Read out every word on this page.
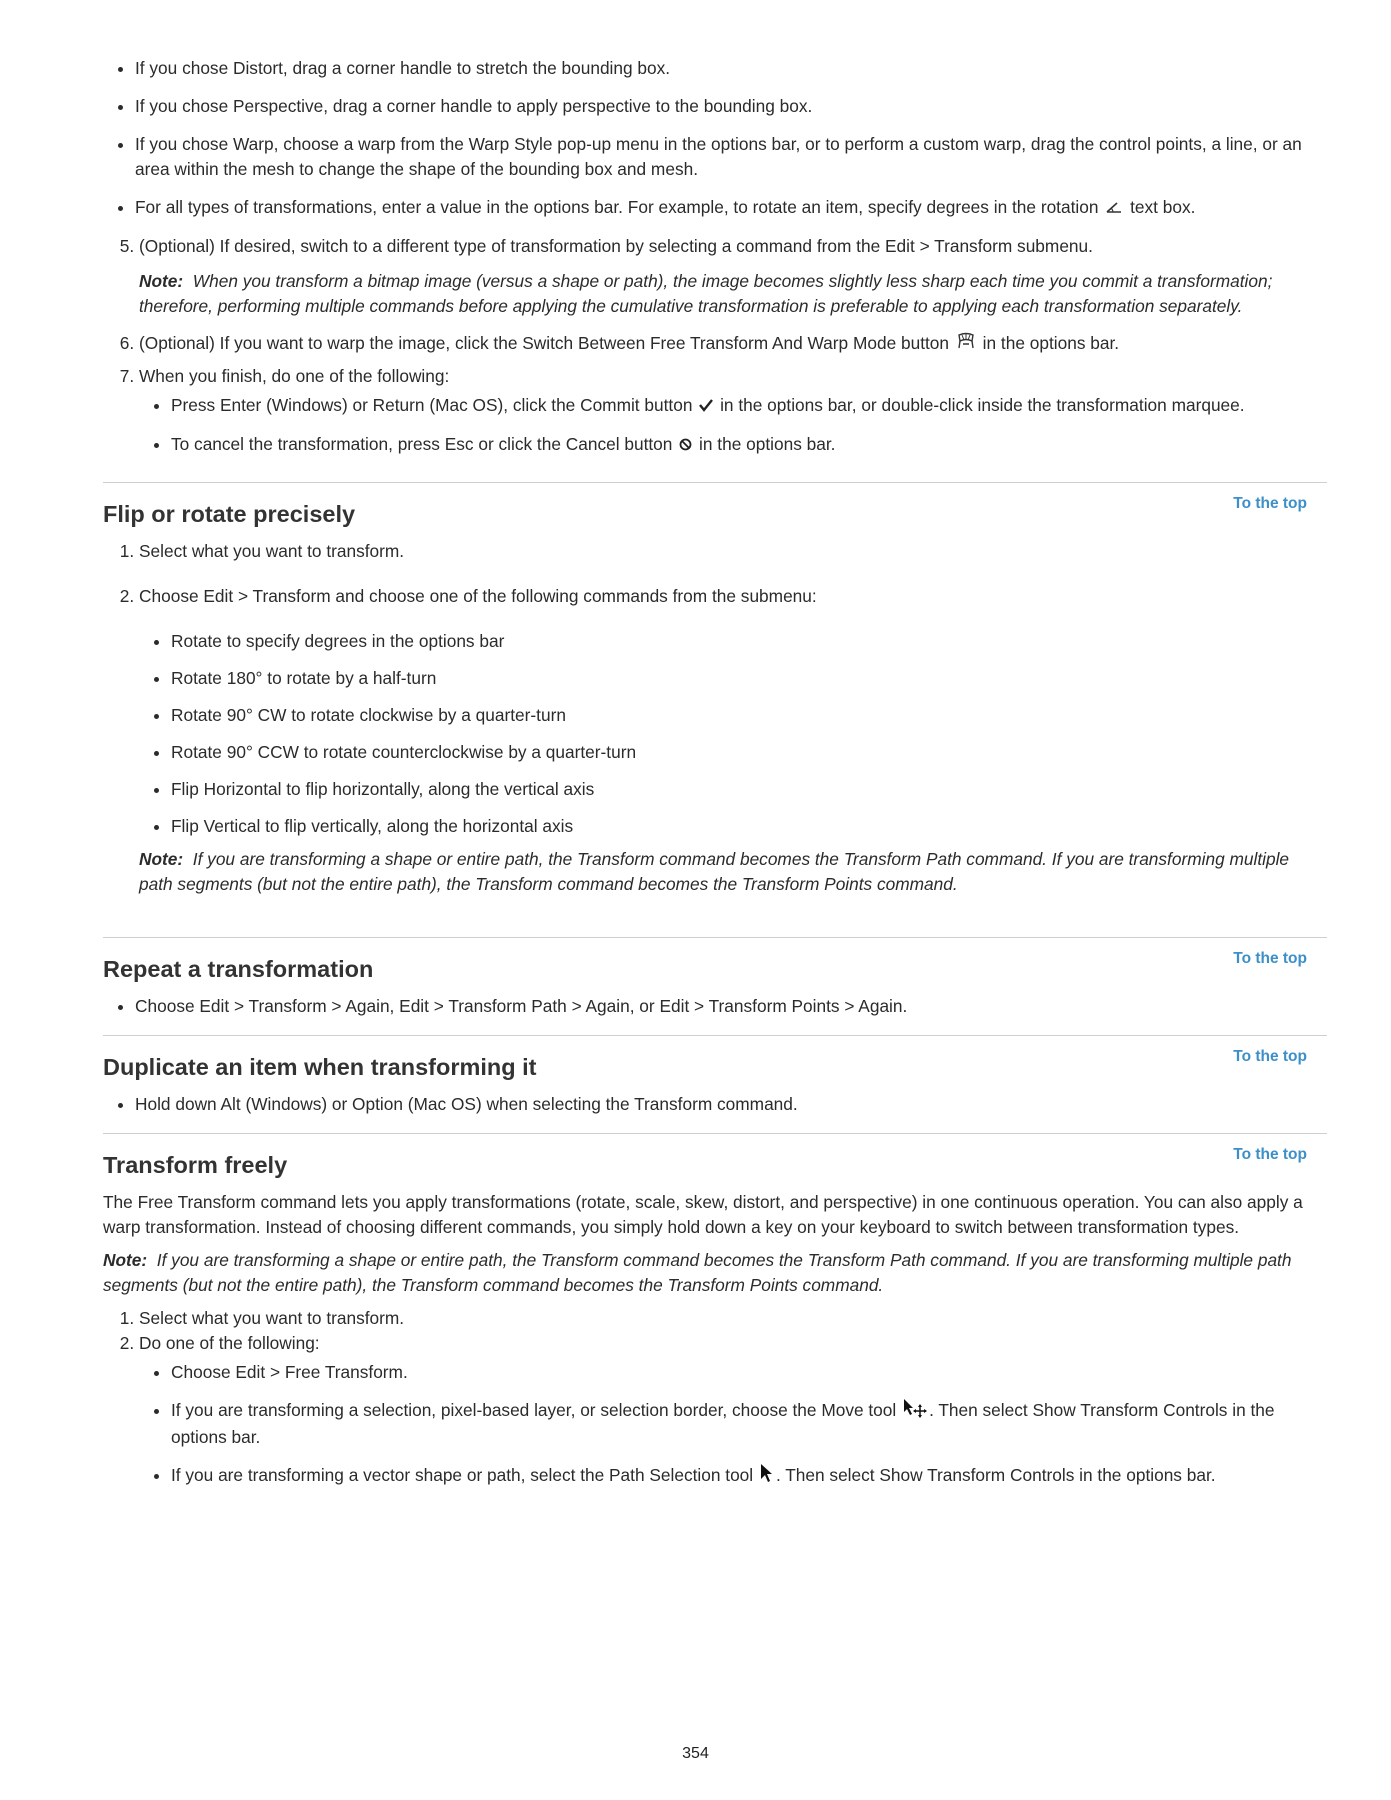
• If you chose Distort, drag a corner handle to stretch the bounding box.
• If you chose Perspective, drag a corner handle to apply perspective to the bounding box.
• If you chose Warp, choose a warp from the Warp Style pop-up menu in the options bar, or to perform a custom warp, drag the control points, a line, or an area within the mesh to change the shape of the bounding box and mesh.
• For all types of transformations, enter a value in the options bar. For example, to rotate an item, specify degrees in the rotation text box.
5. (Optional) If desired, switch to a different type of transformation by selecting a command from the Edit > Transform submenu.
Note: When you transform a bitmap image (versus a shape or path), the image becomes slightly less sharp each time you commit a transformation; therefore, performing multiple commands before applying the cumulative transformation is preferable to applying each transformation separately.
6. (Optional) If you want to warp the image, click the Switch Between Free Transform And Warp Mode button in the options bar.
7. When you finish, do one of the following:
• Press Enter (Windows) or Return (Mac OS), click the Commit button in the options bar, or double-click inside the transformation marquee.
• To cancel the transformation, press Esc or click the Cancel button in the options bar.
To the top
Flip or rotate precisely
1. Select what you want to transform.
2. Choose Edit > Transform and choose one of the following commands from the submenu:
• Rotate to specify degrees in the options bar
• Rotate 180° to rotate by a half-turn
• Rotate 90° CW to rotate clockwise by a quarter-turn
• Rotate 90° CCW to rotate counterclockwise by a quarter-turn
• Flip Horizontal to flip horizontally, along the vertical axis
• Flip Vertical to flip vertically, along the horizontal axis
Note: If you are transforming a shape or entire path, the Transform command becomes the Transform Path command. If you are transforming multiple path segments (but not the entire path), the Transform command becomes the Transform Points command.
To the top
Repeat a transformation
• Choose Edit > Transform > Again, Edit > Transform Path > Again, or Edit > Transform Points > Again.
To the top
Duplicate an item when transforming it
• Hold down Alt (Windows) or Option (Mac OS) when selecting the Transform command.
To the top
Transform freely

The Free Transform command lets you apply transformations (rotate, scale, skew, distort, and perspective) in one continuous operation. You can also apply a warp transformation. Instead of choosing different commands, you simply hold down a key on your keyboard to switch between transformation types.

Note: If you are transforming a shape or entire path, the Transform command becomes the Transform Path command. If you are transforming multiple path segments (but not the entire path), the Transform command becomes the Transform Points command.
1. Select what you want to transform.
2. Do one of the following:
• Choose Edit > Free Transform.
• If you are transforming a selection, pixel-based layer, or selection border, choose the Move tool . Then select Show Transform Controls in the options bar.
• If you are transforming a vector shape or path, select the Path Selection tool . Then select Show Transform Controls in the options bar.
354
